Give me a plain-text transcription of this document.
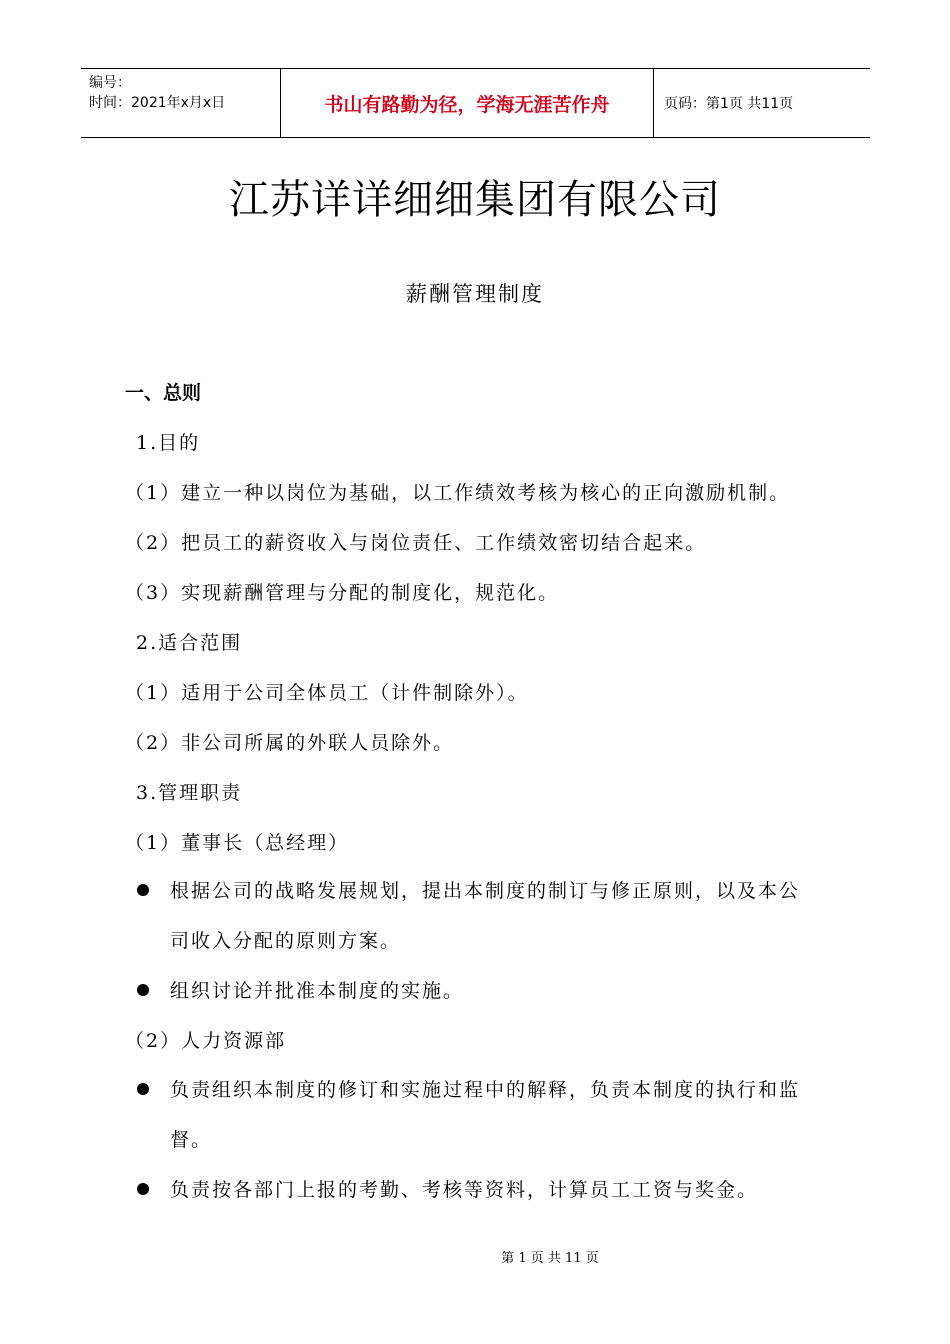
编号：
时间：2021年x月x日	书山有路勤为径，学海无涯苦作舟	页码：第1页 共11页
江苏详详细细集团有限公司
薪酬管理制度
一、总则
1.目的
（1）建立一种以岗位为基础，以工作绩效考核为核心的正向激励机制。
（2）把员工的薪资收入与岗位责任、工作绩效密切结合起来。
（3）实现薪酬管理与分配的制度化，规范化。
2.适合范围
（1）适用于公司全体员工（计件制除外）。
（2）非公司所属的外联人员除外。
3.管理职责
（1）董事长（总经理）
根据公司的战略发展规划，提出本制度的制订与修正原则，以及本公
司收入分配的原则方案。
组织讨论并批准本制度的实施。
（2）人力资源部
负责组织本制度的修订和实施过程中的解释，负责本制度的执行和监
督。
负责按各部门上报的考勤、考核等资料，计算员工工资与奖金。
第 1 页 共 11 页
